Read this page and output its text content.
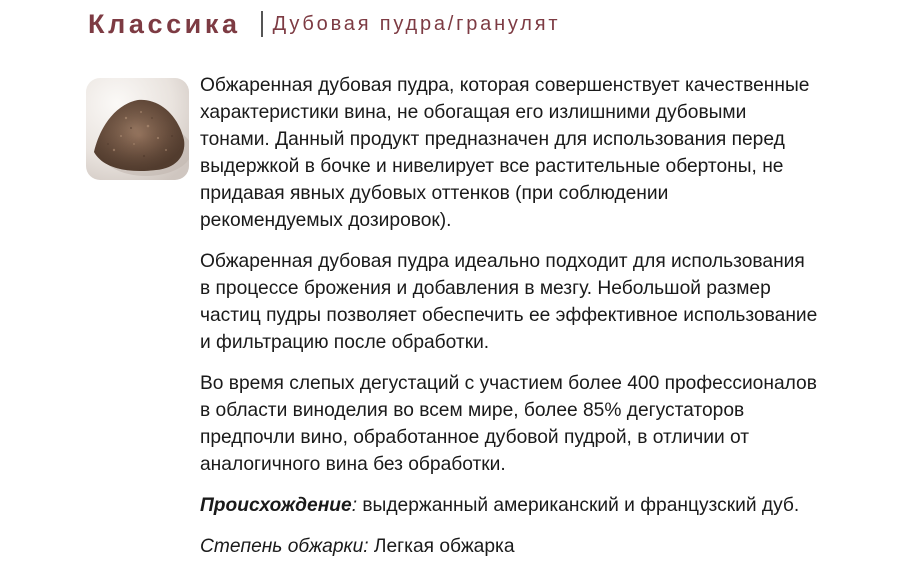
Классика Дубовая пудра/гранулят

Обжаренная дубовая пудра, которая совершенствует качественные
характеристики вина, не обогащая его излишними дубовыми
тонами. Данный продукт предназначен для использования перед
выдержкой в бочке и нивелирует все растительные обертоны, не
придавая явных дубовых оттенков (при соблюдении
рекомендуемых дозировок).

Обжаренная дубовая пудра идеально подходит для использования
в процессе брожения и добавления в мезгу. Небольшой размер
частиц пудры позволяет обеспечить ее эффективное использование
и фильтрацию после обработки.

Во время слепых дегустаций с участием более 400 профессионалов
в области виноделия во всем мире, более 85% дегустаторов
предпочли вино, обработанное дубовой пудрой, в отличии от
аналогичного вина без обработки.

Происхождение: выдержанный американский и французский дуб.
Степень обжарки: Легкая обжарка
